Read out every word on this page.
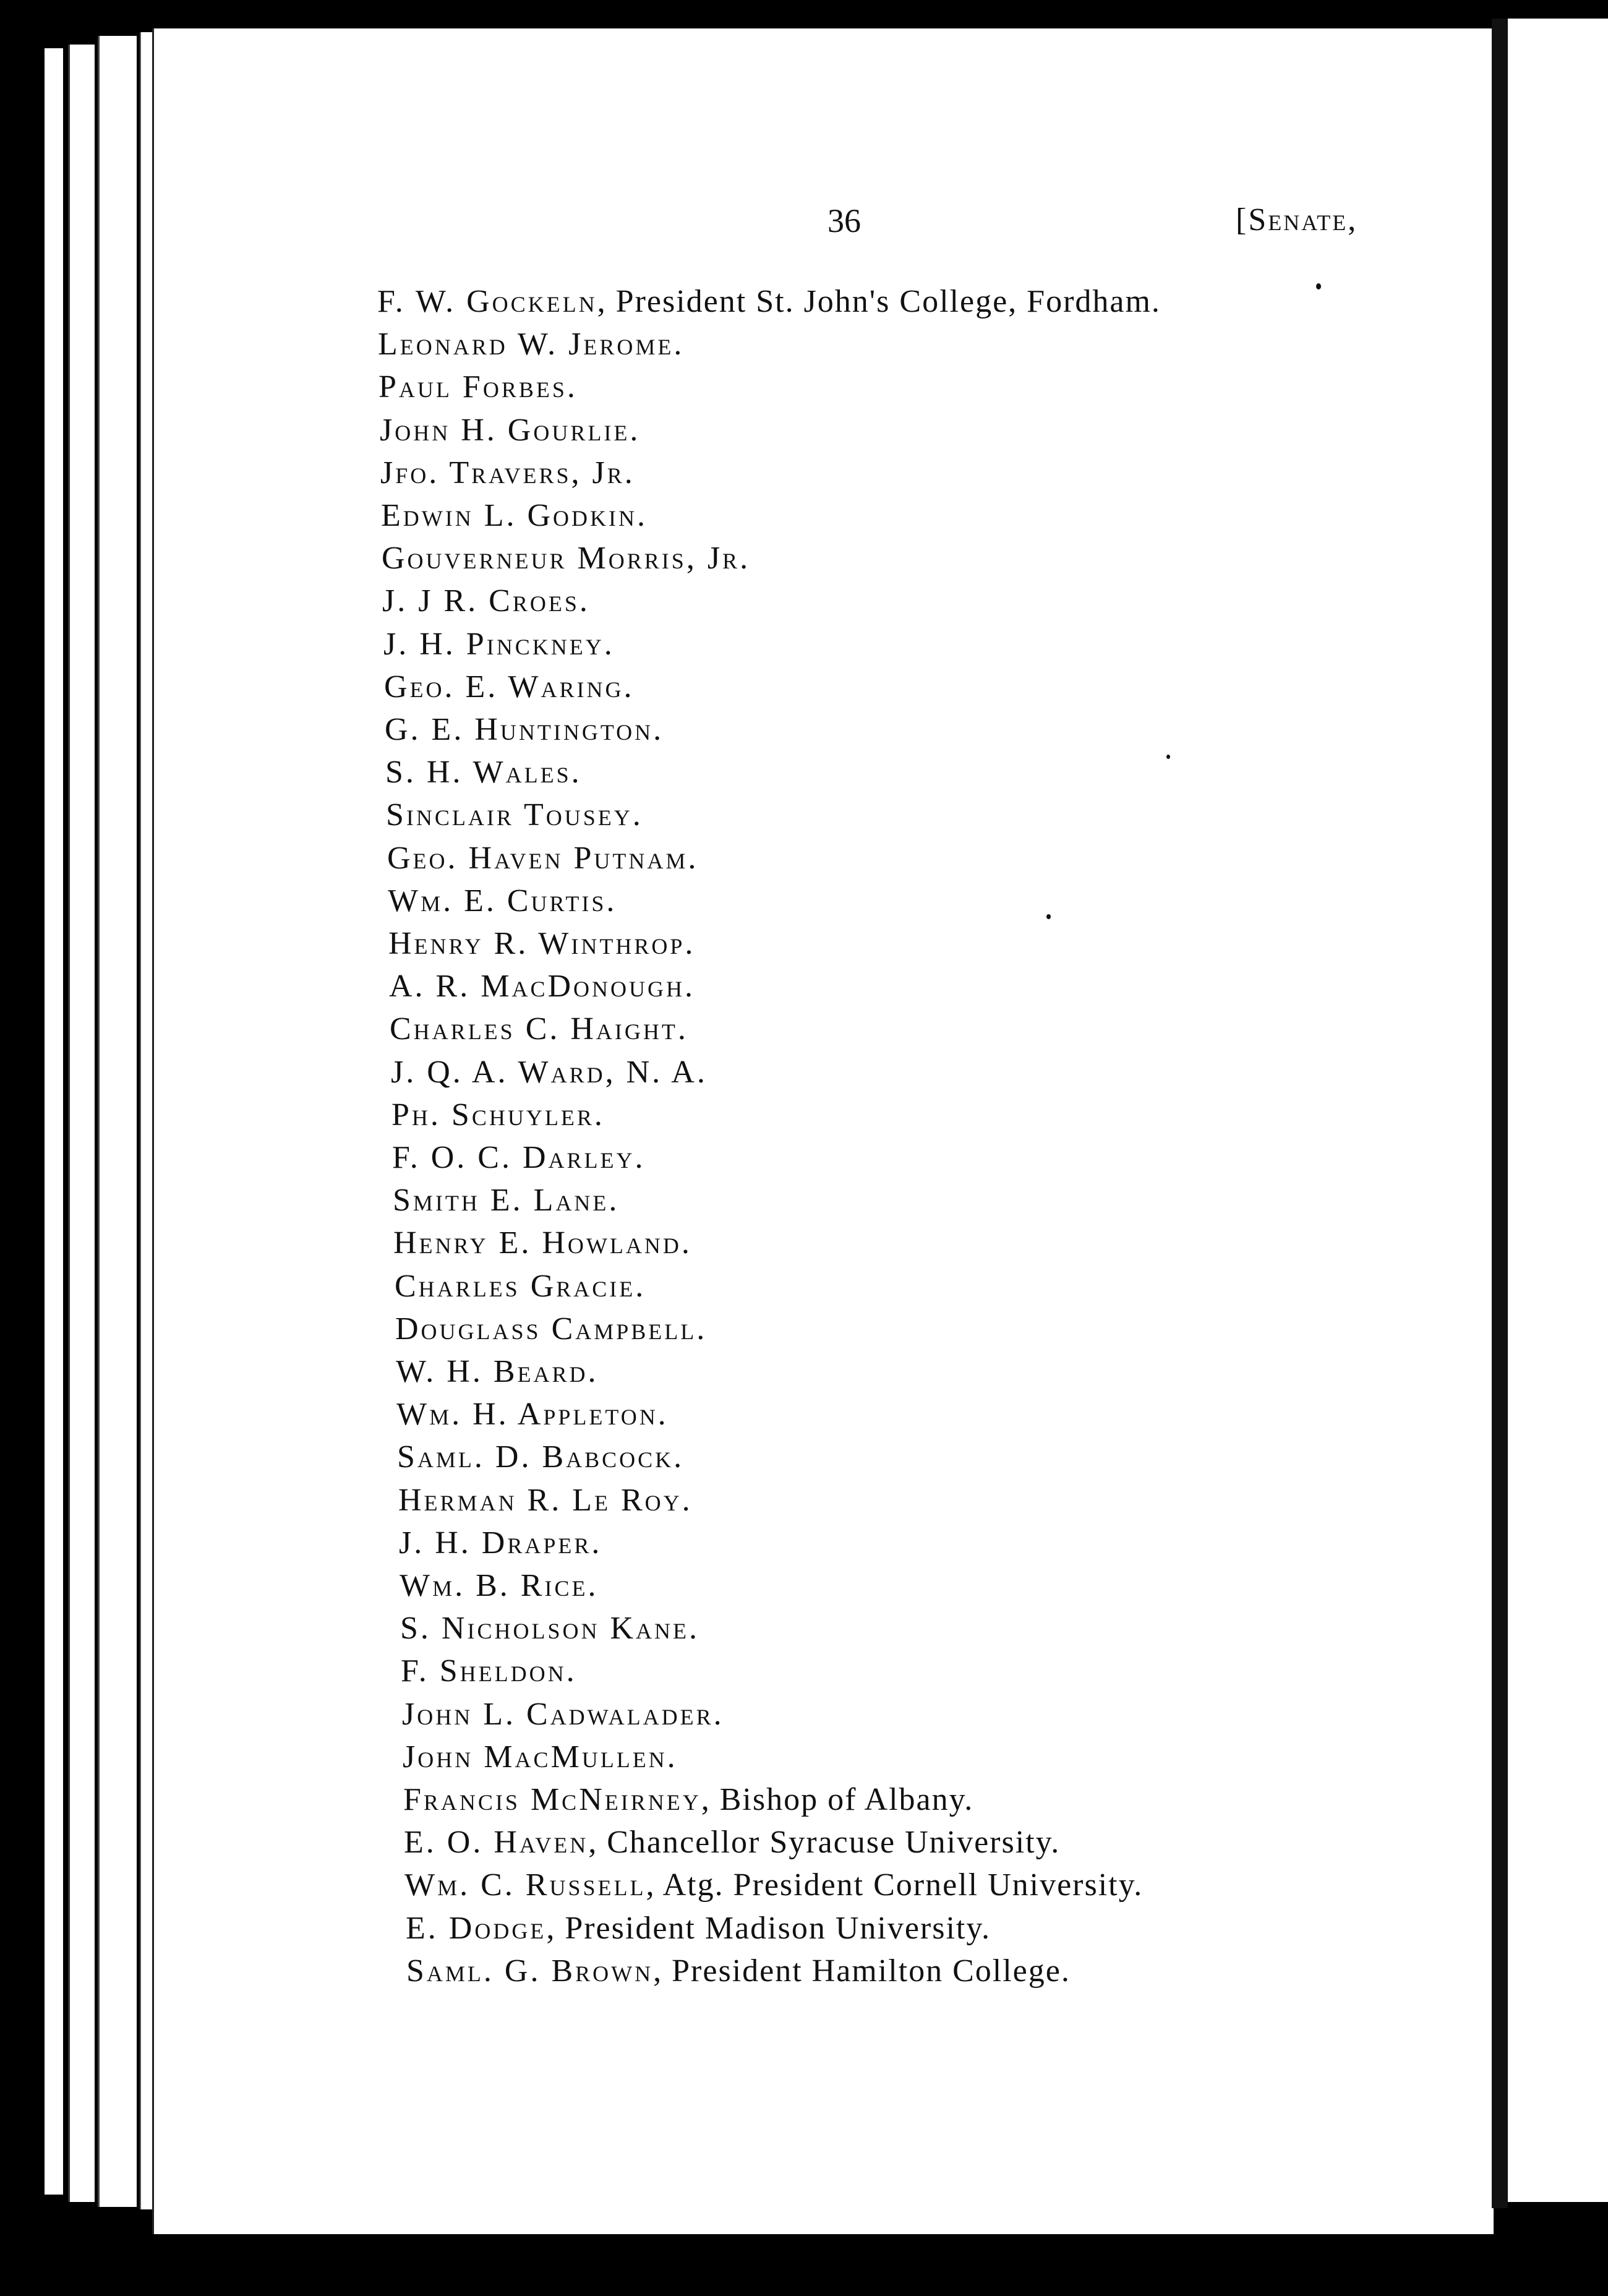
36	[Senate,
F. W. Gockeln, President St. John's College, Fordham.
Leonard W. Jerome.
Paul Forbes.
John H. Gourlie.
Jfo. Travers, Jr.
Edwin L. Godkin.
Gouverneur Morris, Jr.
J. J R. Croes.
J. H. Pinckney.
Geo. E. Waring.
G. E. Huntington.
S. H. Wales.
Sinclair Tousey.
Geo. Haven Putnam.
Wm. E. Curtis.
Henry R. Winthrop.
A. R. MacDonough.
Charles C. Haight.
J. Q. A. Ward, N. A.
Ph. Schuyler.
F. O. C. Darley.
Smith E. Lane.
Henry E. Howland.
Charles Gracie.
Douglass Campbell.
W. H. Beard.
Wm. H. Appleton.
Saml. D. Babcock.
Herman R. Le Roy.
J. H. Draper.
Wm. B. Rice.
S. Nicholson Kane.
F. Sheldon.
John L. Cadwalader.
John MacMullen.
Francis McNeirney, Bishop of Albany.
E. O. Haven, Chancellor Syracuse University.
Wm. C. Russell, Atg. President Cornell University.
E. Dodge, President Madison University.
Saml. G. Brown, President Hamilton College.
